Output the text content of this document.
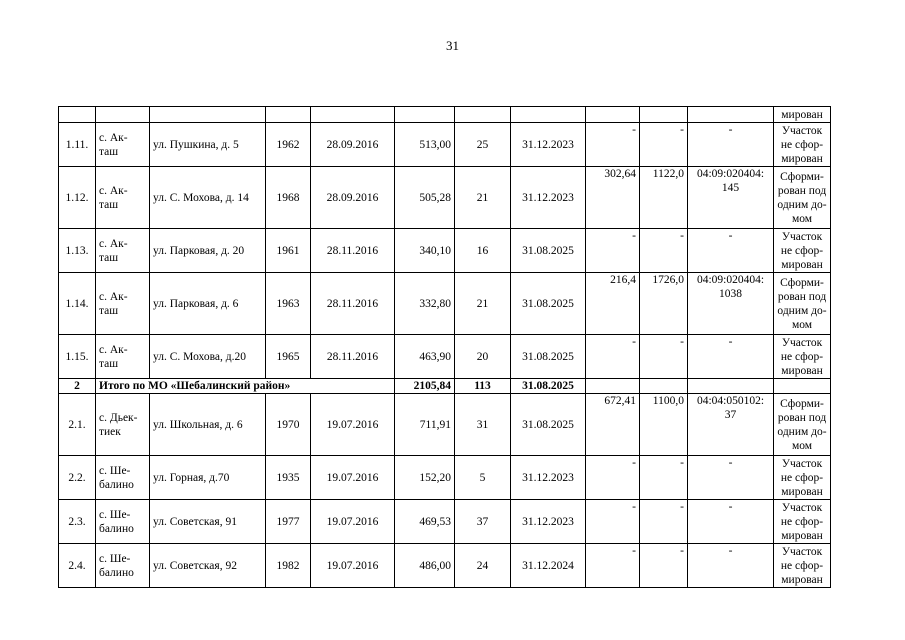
31
											мирован
1.11.	с. Ак-таш	ул. Пушкина, д. 5	1962	28.09.2016	513,00	25	31.12.2023	-	-	-	Участок не сфор-мирован
1.12.	с. Ак-таш	ул. С. Мохова, д. 14	1968	28.09.2016	505,28	21	31.12.2023	302,64	1122,0	04:09:020404: 145	Сформи-рован под одним до-мом
1.13.	с. Ак-таш	ул. Парковая, д. 20	1961	28.11.2016	340,10	16	31.08.2025	-	-	-	Участок не сфор-мирован
1.14.	с. Ак-таш	ул. Парковая, д. 6	1963	28.11.2016	332,80	21	31.08.2025	216,4	1726,0	04:09:020404: 1038	Сформи-рован под одним до-мом
1.15.	с. Ак-таш	ул. С. Мохова, д.20	1965	28.11.2016	463,90	20	31.08.2025	-	-	-	Участок не сфор-мирован
2	Итого по МО «Шебалинский район»				2105,84	113	31.08.2025				
2.1.	с. Дьек-тиек	ул. Школьная, д. 6	1970	19.07.2016	711,91	31	31.08.2025	672,41	1100,0	04:04:050102: 37	Сформи-рован под одним до-мом
2.2.	с. Ше-балино	ул. Горная, д.70	1935	19.07.2016	152,20	5	31.12.2023	-	-	-	Участок не сфор-мирован
2.3.	с. Ше-балино	ул. Советская, 91	1977	19.07.2016	469,53	37	31.12.2023	-	-	-	Участок не сфор-мирован
2.4.	с. Ше-балино	ул. Советская, 92	1982	19.07.2016	486,00	24	31.12.2024	-	-	-	Участок не сфор-мирован
